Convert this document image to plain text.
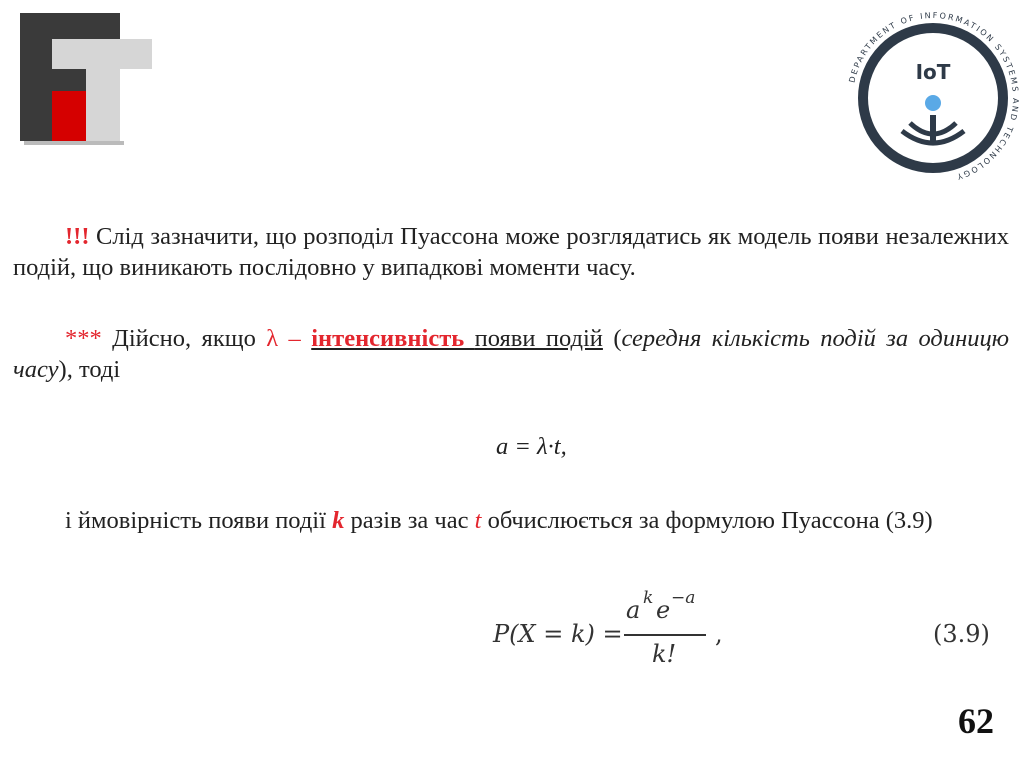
DEPARTMENT OF INFORMATION SYSTEMS AND TECHNOLOGY
IoT

!!! Слід зазначити, що розподіл Пуассона може розглядатись як модель появи незалежних подій, що виникають послідовно у випадкові моменти часу.

*** Дійсно, якщо λ – інтенсивність появи подій (середня кількість подій за одиницю часу), тоді

a = λ·t,

і ймовірність появи події k разів за час t обчислюється за формулою Пуассона (3.9)

P(X = k) =
a k e −a
k!
,	(3.9)
62
